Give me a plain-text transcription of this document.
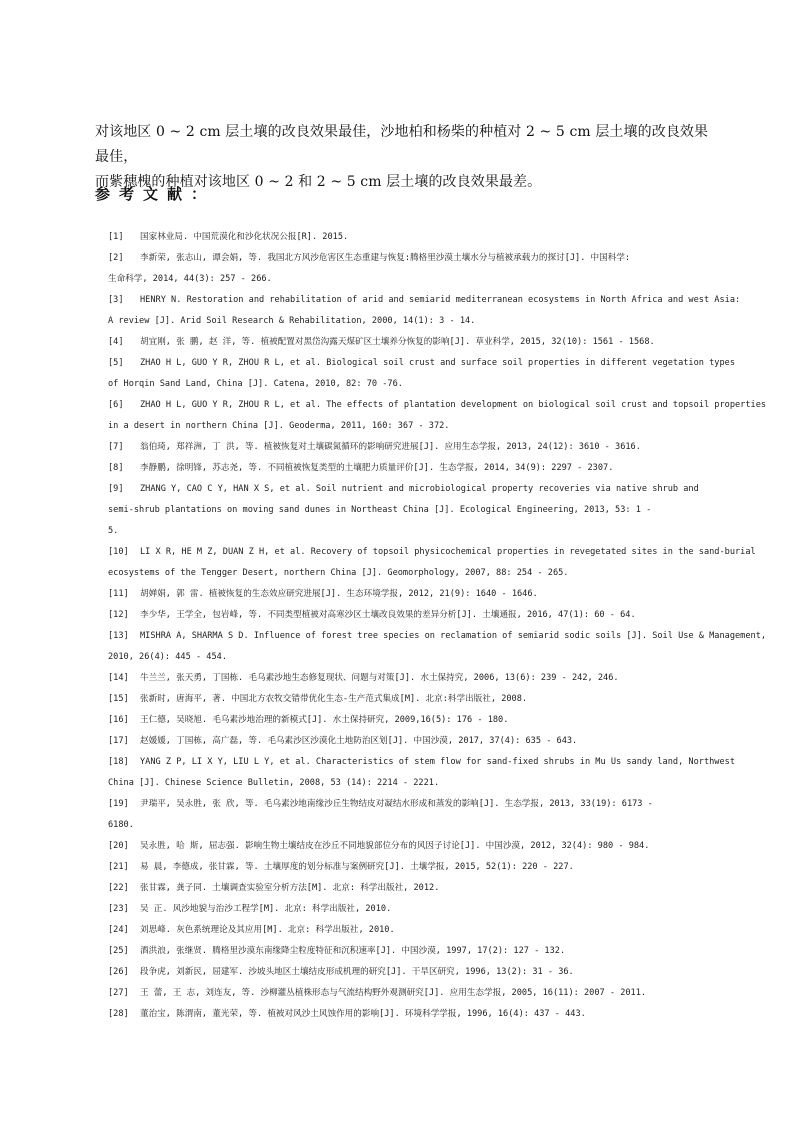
对该地区 0 ~ 2 cm 层土壤的改良效果最佳，沙地柏和杨柴的种植对 2 ~ 5 cm 层土壤的改良效果最佳，
而紫穗槐的种植对该地区 0 ~ 2 和 2 ~ 5 cm 层土壤的改良效果最差。
参考文献：
[1]	国家林业局. 中国荒漠化和沙化状况公报[R]. 2015.
[2]	李新荣, 张志山, 谭会娟, 等. 我国北方风沙危害区生态重建与恢复:腾格里沙漠土壤水分与植被承载力的探讨[J]. 中国科学:
生命科学, 2014, 44(3): 257 - 266.
[3]	HENRY N. Restoration and rehabilitation of arid and semiarid mediterranean ecosystems in North Africa and west Asia:
A review [J]. Arid Soil Research & Rehabilitation, 2000, 14(1): 3 - 14.
[4]	胡宜刚, 张 鹏, 赵 洋, 等. 植被配置对黑岱沟露天煤矿区土壤养分恢复的影响[J]. 草业科学, 2015, 32(10): 1561 - 1568.
[5]	ZHAO H L, GUO Y R, ZHOU R L, et al. Biological soil crust and surface soil properties in different vegetation types
of Horqin Sand Land, China [J]. Catena, 2010, 82: 70 -76.
[6]	ZHAO H L, GUO Y R, ZHOU R L, et al. The effects of plantation development on biological soil crust and topsoil properties
in a desert in northern China [J]. Geoderma, 2011, 160: 367 - 372.
[7]	翁伯琦, 郑祥洲, 丁 洪, 等. 植被恢复对土壤碳氮循环的影响研究进展[J]. 应用生态学报, 2013, 24(12): 3610 - 3616.
[8]	李静鹏, 徐明锋, 苏志尧, 等. 不同植被恢复类型的土壤肥力质量评价[J]. 生态学报, 2014, 34(9): 2297 - 2307.
[9]	ZHANG Y, CAO C Y, HAN X S, et al. Soil nutrient and microbiological property recoveries via native shrub and
semi-shrub plantations on moving sand dunes in Northeast China [J]. Ecological Engineering, 2013, 53: 1 -
5.
[10]	LI X R, HE M Z, DUAN Z H, et al. Recovery of topsoil physicochemical properties in revegetated sites in the sand-burial
ecosystems of the Tengger Desert, northern China [J]. Geomorphology, 2007, 88: 254 - 265.
[11]	胡婵娟, 郭 雷. 植被恢复的生态效应研究进展[J]. 生态环境学报, 2012, 21(9): 1640 - 1646.
[12]	李少华, 王学全, 包岩峰, 等. 不同类型植被对高寒沙区土壤改良效果的差异分析[J]. 土壤通报, 2016, 47(1): 60 - 64.
[13]	MISHRA A, SHARMA S D. Influence of forest tree species on reclamation of semiarid sodic soils [J]. Soil Use & Management,
2010, 26(4): 445 - 454.
[14]	牛兰兰, 张天勇, 丁国栋. 毛乌素沙地生态修复现状、问题与对策[J]. 水土保持究, 2006, 13(6): 239 - 242, 246.
[15]	张新时, 唐海平, 著. 中国北方农牧交错带优化生态-生产范式集成[M]. 北京:科学出版社, 2008.
[16]	王仁德, 吴晓旭. 毛乌素沙地治理的新模式[J]. 水土保持研究, 2009,16(5): 176 - 180.
[17]	赵媛媛, 丁国栋, 高广磊, 等. 毛乌素沙区沙漠化土地防治区划[J]. 中国沙漠, 2017, 37(4): 635 - 643.
[18]	YANG Z P, LI X Y, LIU L Y, et al. Characteristics of stem flow for sand-fixed shrubs in Mu Us sandy land, Northwest
China [J]. Chinese Science Bulletin, 2008, 53 (14): 2214 - 2221.
[19]	尹瑞平, 吴永胜, 张 欣, 等. 毛乌素沙地南缘沙丘生物结皮对凝结水形成和蒸发的影响[J]. 生态学报, 2013, 33(19): 6173 -
6180.
[20]	吴永胜, 哈 斯, 屈志强. 影响生物土壤结皮在沙丘不同地貌部位分布的风因子讨论[J]. 中国沙漠, 2012, 32(4): 980 - 984.
[21]	易 晨, 李德成, 张甘霖, 等. 土壤厚度的划分标准与案例研究[J]. 土壤学报, 2015, 52(1): 220 - 227.
[22]	张甘霖, 龚子同. 土壤调查实验室分析方法[M]. 北京: 科学出版社, 2012.
[23]	吴 正. 风沙地貌与治沙工程学[M]. 北京: 科学出版社, 2010.
[24]	刘思峰. 灰色系统理论及其应用[M]. 北京: 科学出版社, 2010.
[25]	酒洪浪, 张继贤. 腾格里沙漠东南缘降尘粒度特征和沉积速率[J]. 中国沙漠, 1997, 17(2): 127 - 132.
[26]	段争虎, 刘新民, 屈建军. 沙坡头地区土壤结皮形成机理的研究[J]. 干旱区研究, 1996, 13(2): 31 - 36.
[27]	王 蕾, 王 志, 刘连友, 等. 沙柳灌丛植株形态与气流结构野外观测研究[J]. 应用生态学报, 2005, 16(11): 2007 - 2011.
[28]	董治宝, 陈渭南, 董光荣, 等. 植被对风沙土风蚀作用的影响[J]. 环境科学学报, 1996, 16(4): 437 - 443.
